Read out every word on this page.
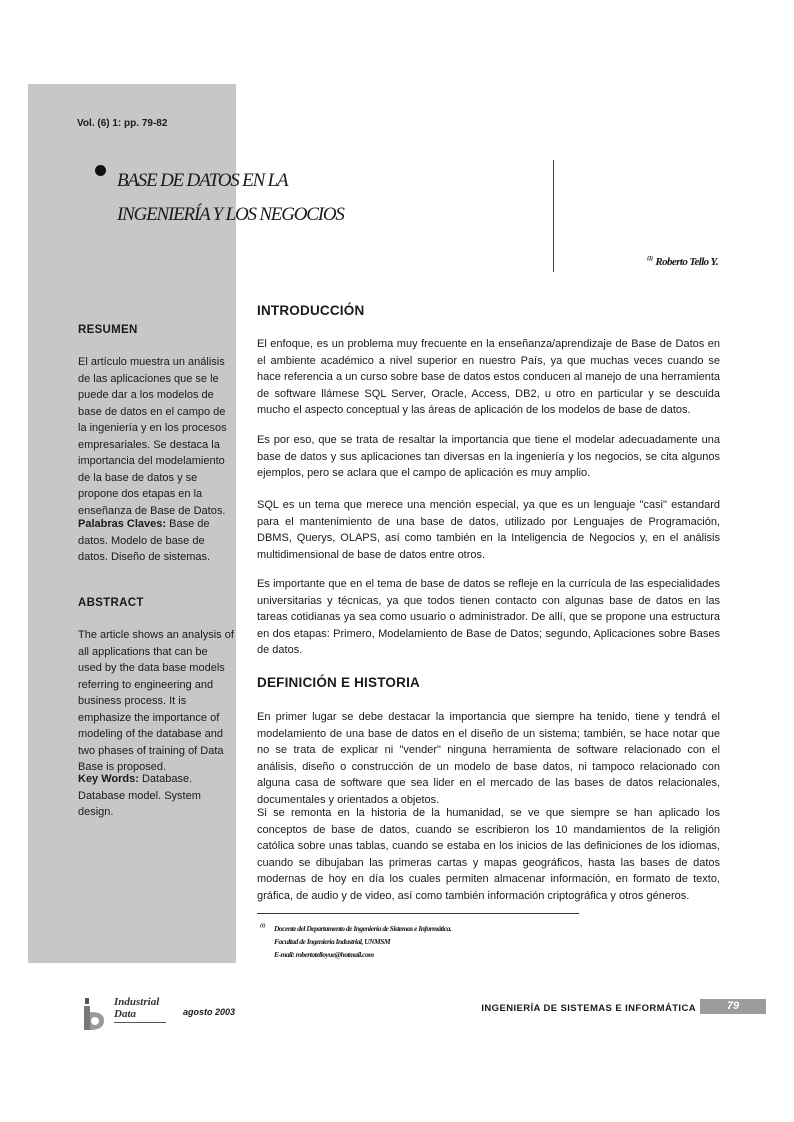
Vol. (6) 1: pp. 79-82
BASE DE DATOS EN LA
INGENIERÍA Y LOS NEGOCIOS
$^{(1)}$ Roberto Tello Y.
RESUMEN
El artículo muestra un análisis de las aplicaciones que se le puede dar a los modelos de base de datos en el campo de la ingeniería y en los procesos empresariales. Se destaca la importancia del modelamiento de la base de datos y se propone dos etapas en la enseñanza de Base de Datos.
Palabras Claves: Base de datos. Modelo de base de datos. Diseño de sistemas.
ABSTRACT
The article shows an analysis of all applications that can be used by the data base models referring to engineering and business process. It is emphasize the importance of modeling of the database and two phases of training of Data Base is proposed.
Key Words: Database. Database model. System design.
INTRODUCCIÓN

El enfoque, es un problema muy frecuente en la enseñanza/aprendizaje de Base de Datos en el ambiente académico a nivel superior en nuestro País, ya que muchas veces cuando se hace referencia a un curso sobre base de datos estos conducen al manejo de una herramienta de software llámese SQL Server, Oracle, Access, DB2, u otro en particular y se descuida mucho el aspecto conceptual y las áreas de aplicación de los modelos de base de datos.

Es por eso, que se trata de resaltar la importancia que tiene el modelar adecuadamente una base de datos y sus aplicaciones tan diversas en la ingeniería y los negocios, se cita algunos ejemplos, pero se aclara que el campo de aplicación es muy amplio.

SQL es un tema que merece una mención especial, ya que es un lenguaje "casi" estandard para el mantenimiento de una base de datos, utilizado por Lenguajes de Programación, DBMS, Querys, OLAPS, así como también en la Inteligencia de Negocios y, en el análisis multidimensional de base de datos entre otros.

Es importante que en el tema de base de datos se refleje en la currícula de las especialidades universitarias y técnicas, ya que todos tienen contacto con algunas base de datos en las tareas cotidianas ya sea como usuario o administrador. De allí, que se propone una estructura en dos etapas: Primero, Modelamiento de Base de Datos; segundo, Aplicaciones sobre Bases de datos.

DEFINICIÓN E HISTORIA

En primer lugar se debe destacar la importancia que siempre ha tenido, tiene y tendrá el modelamiento de una base de datos en el diseño de un sistema; también, se hace notar que no se trata de explicar ni "vender" ninguna herramienta de software relacionado con el análisis, diseño o construcción de un modelo de base datos, ni tampoco relacionado con alguna casa de software que sea lider en el mercado de las bases de datos relacionales, documentales y orientados a objetos.

Si se remonta en la historia de la humanidad, se ve que siempre se han aplicado los conceptos de base de datos, cuando se escribieron los 10 mandamientos de la religión católica sobre unas tablas, cuando se estaba en los inicios de las definiciones de los idiomas, cuando se dibujaban las primeras cartas y mapas geográficos, hasta las bases de datos modernas de hoy en día los cuales permiten almacenar información, en formato de texto, gráfica, de audio y de video, así como también información criptográfica y otros géneros.

(1)	Docente del Departamento de Ingeniería de Sistemas e Informática.
Facultad de Ingeniería Industrial, UNMSM
E-mail: robertotelloyue@hotmail.com
Industrial
Data	agosto 2003	INGENIERÍA DE SISTEMAS E INFORMÁTICA	79
